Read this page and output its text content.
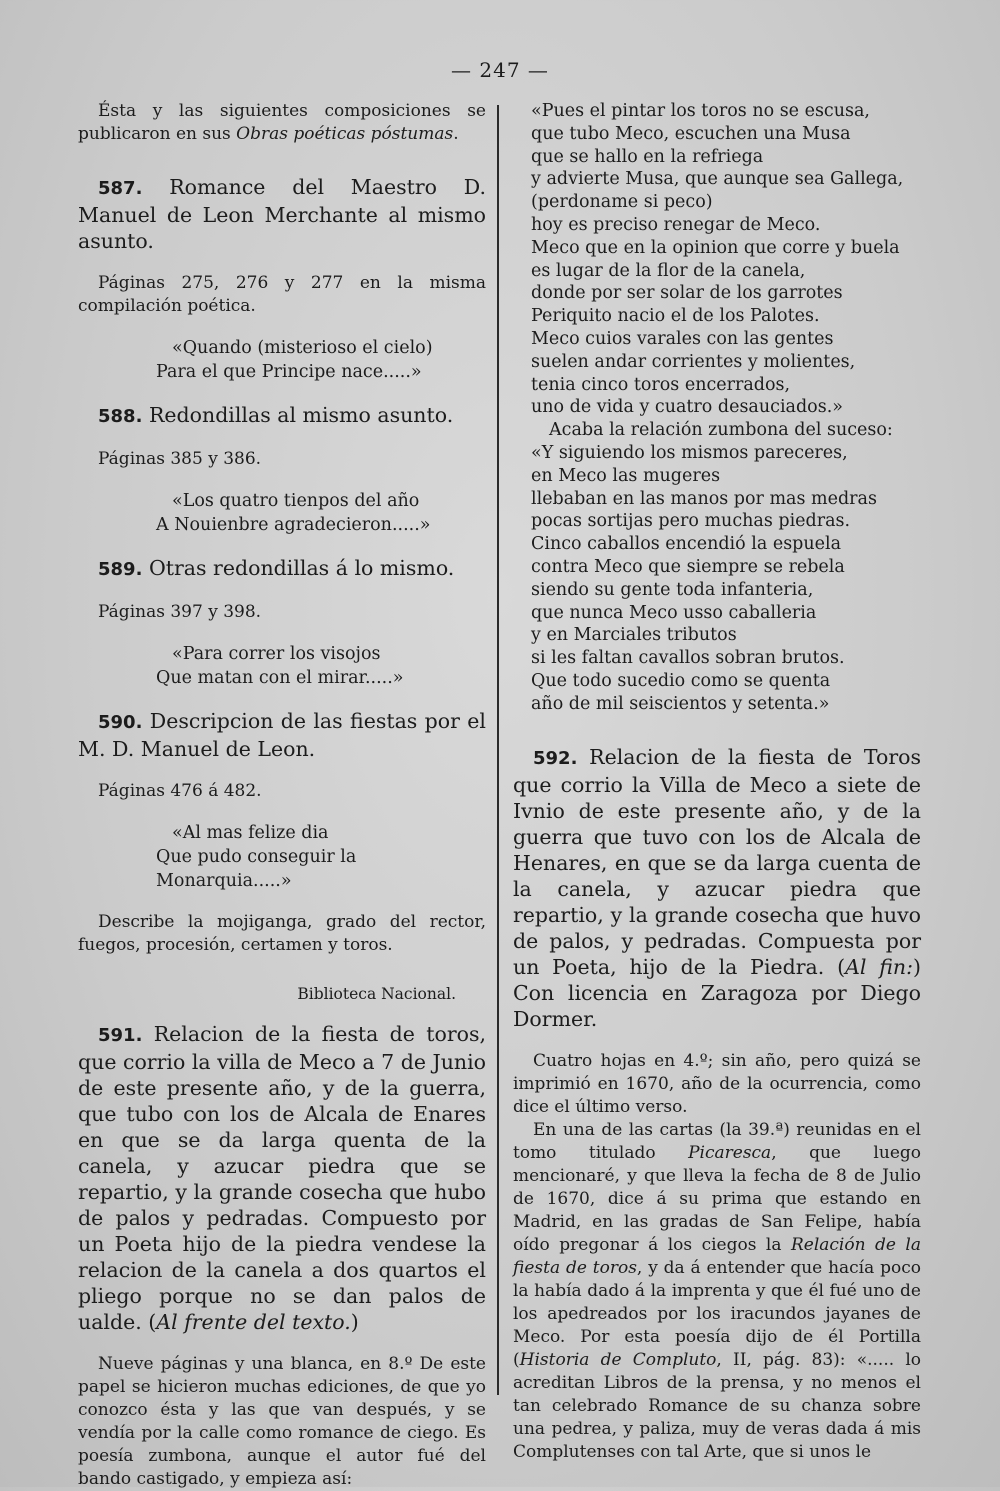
— 247 —

Ésta y las siguientes composiciones se publicaron en sus Obras poéticas póstumas.

587. Romance del Maestro D. Manuel de Leon Merchante al mismo asunto.

Páginas 275, 276 y 277 en la misma compilación poética.

«Quando (misterioso el cielo)
Para el que Principe nace.....»

588. Redondillas al mismo asunto.

Páginas 385 y 386.

«Los quatro tienpos del año
A Nouienbre agradecieron.....»

589. Otras redondillas á lo mismo.

Páginas 397 y 398.

«Para correr los visojos
Que matan con el mirar.....»

590. Descripcion de las fiestas por el M. D. Manuel de Leon.

Páginas 476 á 482.

«Al mas felize dia
Que pudo conseguir la Monarquia.....»

Describe la mojiganga, grado del rector, fuegos, procesión, certamen y toros.

Biblioteca Nacional.

591. Relacion de la fiesta de toros, que corrio la villa de Meco a 7 de Junio de este presente año, y de la guerra, que tubo con los de Alcala de Enares en que se da larga quenta de la canela, y azucar piedra que se repartio, y la grande cosecha que hubo de palos y pedradas. Compuesto por un Poeta hijo de la piedra vendese la relacion de la canela a dos quartos el pliego porque no se dan palos de ualde. (Al frente del texto.)

Nueve páginas y una blanca, en 8.º De este papel se hicieron muchas ediciones, de que yo conozco ésta y las que van después, y se vendía por la calle como romance de ciego. Es poesía zumbona, aunque el autor fué del bando castigado, y empieza así:

«Pues el pintar los toros no se escusa,
que tubo Meco, escuchen una Musa
que se hallo en la refriega
y advierte Musa, que aunque sea Gallega,
(perdoname si peco)
hoy es preciso renegar de Meco.
Meco que en la opinion que corre y buela
es lugar de la flor de la canela,
donde por ser solar de los garrotes
Periquito nacio el de los Palotes.
Meco cuios varales con las gentes
suelen andar corrientes y molientes,
tenia cinco toros encerrados,
uno de vida y cuatro desauciados.»
Acaba la relación zumbona del suceso:
«Y siguiendo los mismos pareceres,
en Meco las mugeres
llebaban en las manos por mas medras
pocas sortijas pero muchas piedras.
Cinco caballos encendió la espuela
contra Meco que siempre se rebela
siendo su gente toda infanteria,
que nunca Meco usso caballeria
y en Marciales tributos
si les faltan cavallos sobran brutos.
Que todo sucedio como se quenta
año de mil seiscientos y setenta.»

592. Relacion de la fiesta de Toros que corrio la Villa de Meco a siete de Ivnio de este presente año, y de la guerra que tuvo con los de Alcala de Henares, en que se da larga cuenta de la canela, y azucar piedra que repartio, y la grande cosecha que huvo de palos, y pedradas. Compuesta por un Poeta, hijo de la Piedra. (Al fin:) Con licencia en Zaragoza por Diego Dormer.

Cuatro hojas en 4.º; sin año, pero quizá se imprimió en 1670, año de la ocurrencia, como dice el último verso.

En una de las cartas (la 39.ª) reunidas en el tomo titulado Picaresca, que luego mencionaré, y que lleva la fecha de 8 de Julio de 1670, dice á su prima que estando en Madrid, en las gradas de San Felipe, había oído pregonar á los ciegos la Relación de la fiesta de toros, y da á entender que hacía poco la había dado á la imprenta y que él fué uno de los apedreados por los iracundos jayanes de Meco. Por esta poesía dijo de él Portilla (Historia de Compluto, II, pág. 83): «..... lo acreditan Libros de la prensa, y no menos el tan celebrado Romance de su chanza sobre una pedrea, y paliza, muy de veras dada á mis Complutenses con tal Arte, que si unos le
